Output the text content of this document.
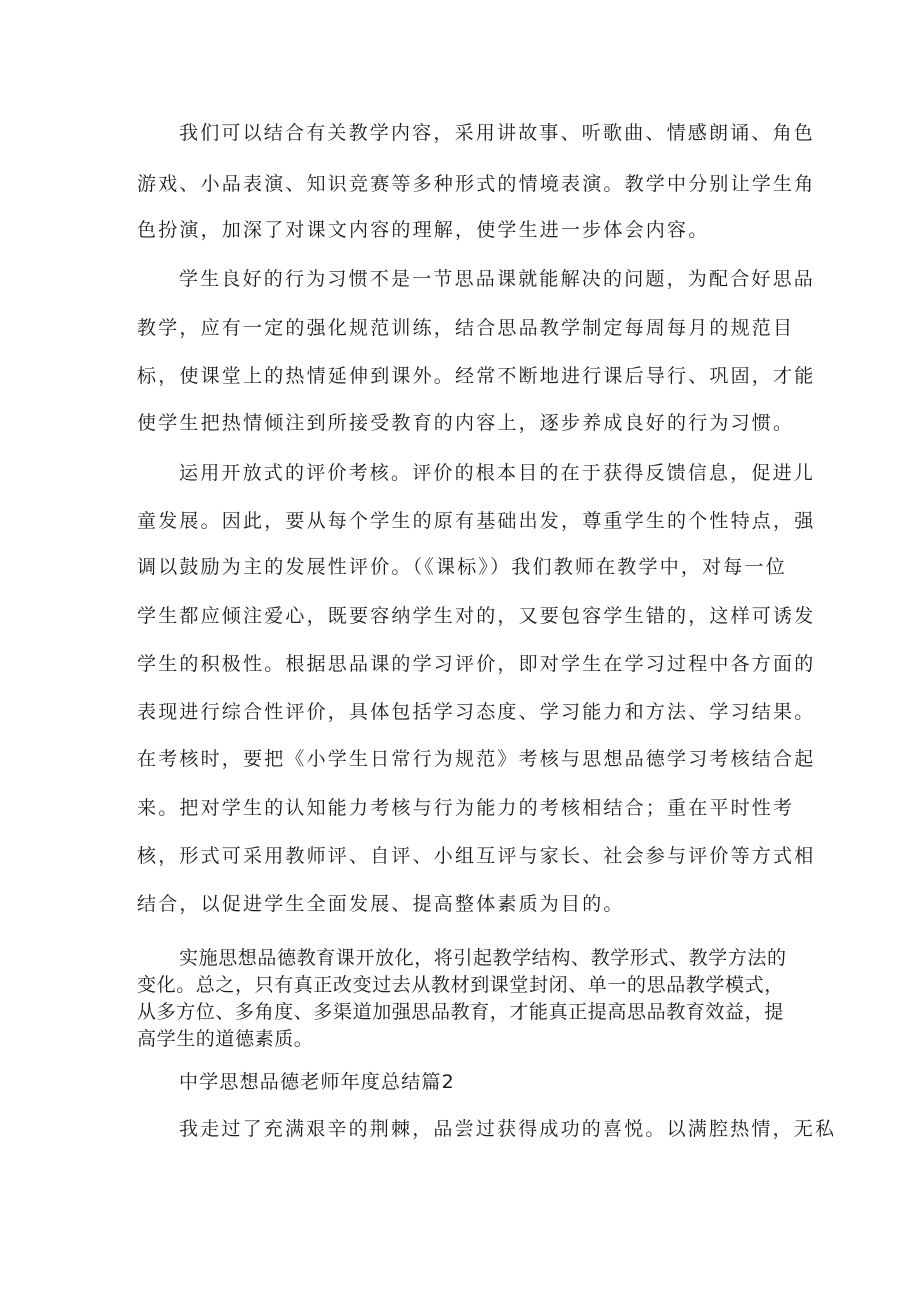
我们可以结合有关教学内容，采用讲故事、听歌曲、情感朗诵、角色
游戏、小品表演、知识竞赛等多种形式的情境表演。教学中分别让学生角
色扮演，加深了对课文内容的理解，使学生进一步体会内容。
学生良好的行为习惯不是一节思品课就能解决的问题，为配合好思品
教学，应有一定的强化规范训练，结合思品教学制定每周每月的规范目
标，使课堂上的热情延伸到课外。经常不断地进行课后导行、巩固，才能
使学生把热情倾注到所接受教育的内容上，逐步养成良好的行为习惯。
运用开放式的评价考核。评价的根本目的在于获得反馈信息，促进儿
童发展。因此，要从每个学生的原有基础出发，尊重学生的个性特点，强
调以鼓励为主的发展性评价。（《课标》）我们教师在教学中，对每一位
学生都应倾注爱心，既要容纳学生对的，又要包容学生错的，这样可诱发
学生的积极性。根据思品课的学习评价，即对学生在学习过程中各方面的
表现进行综合性评价，具体包括学习态度、学习能力和方法、学习结果。
在考核时，要把《小学生日常行为规范》考核与思想品德学习考核结合起
来。把对学生的认知能力考核与行为能力的考核相结合；重在平时性考
核，形式可采用教师评、自评、小组互评与家长、社会参与评价等方式相
结合，以促进学生全面发展、提高整体素质为目的。
实施思想品德教育课开放化，将引起教学结构、教学形式、教学方法的
变化。总之，只有真正改变过去从教材到课堂封闭、单一的思品教学模式，
从多方位、多角度、多渠道加强思品教育，才能真正提高思品教育效益，提
高学生的道德素质。
中学思想品德老师年度总结篇2
我走过了充满艰辛的荆棘，品尝过获得成功的喜悦。以满腔热情，无私
